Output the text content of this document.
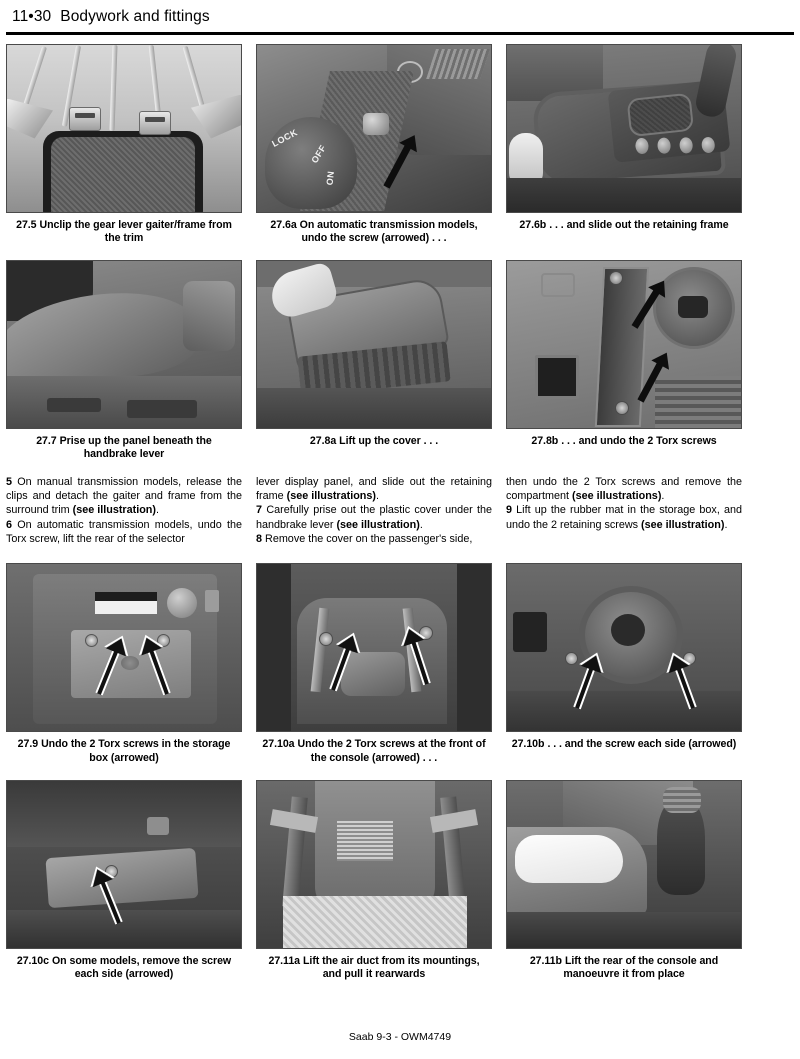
11•30 Bodywork and fittings
27.5 Unclip the gear lever gaiter/frame from the trim
LOCK
OFF
ON
27.6a On automatic transmission models, undo the screw (arrowed) . . .
27.6b . . . and slide out the retaining frame
27.7 Prise up the panel beneath the handbrake lever
27.8a Lift up the cover . . .	27.8b . . . and undo the 2 Torx screws

5 On manual transmission models, release the clips and detach the gaiter and frame from the surround trim (see illustration).

6 On automatic transmission models, undo the Torx screw, lift the rear of the selector

lever display panel, and slide out the retaining frame (see illustrations).

7 Carefully prise out the plastic cover under the handbrake lever (see illustration).

8 Remove the cover on the passenger's side,

then undo the 2 Torx screws and remove the compartment (see illustrations).

9 Lift up the rubber mat in the storage box, and undo the 2 retaining screws (see illustration).

27.9 Undo the 2 Torx screws in the storage box (arrowed)
27.10a Undo the 2 Torx screws at the front of the console (arrowed) . . .
27.10b . . . and the screw each side (arrowed)
27.10c On some models, remove the screw each side (arrowed)
27.11a Lift the air duct from its mountings, and pull it rearwards
27.11b Lift the rear of the console and manoeuvre it from place
Saab 9-3 - OWM4749
